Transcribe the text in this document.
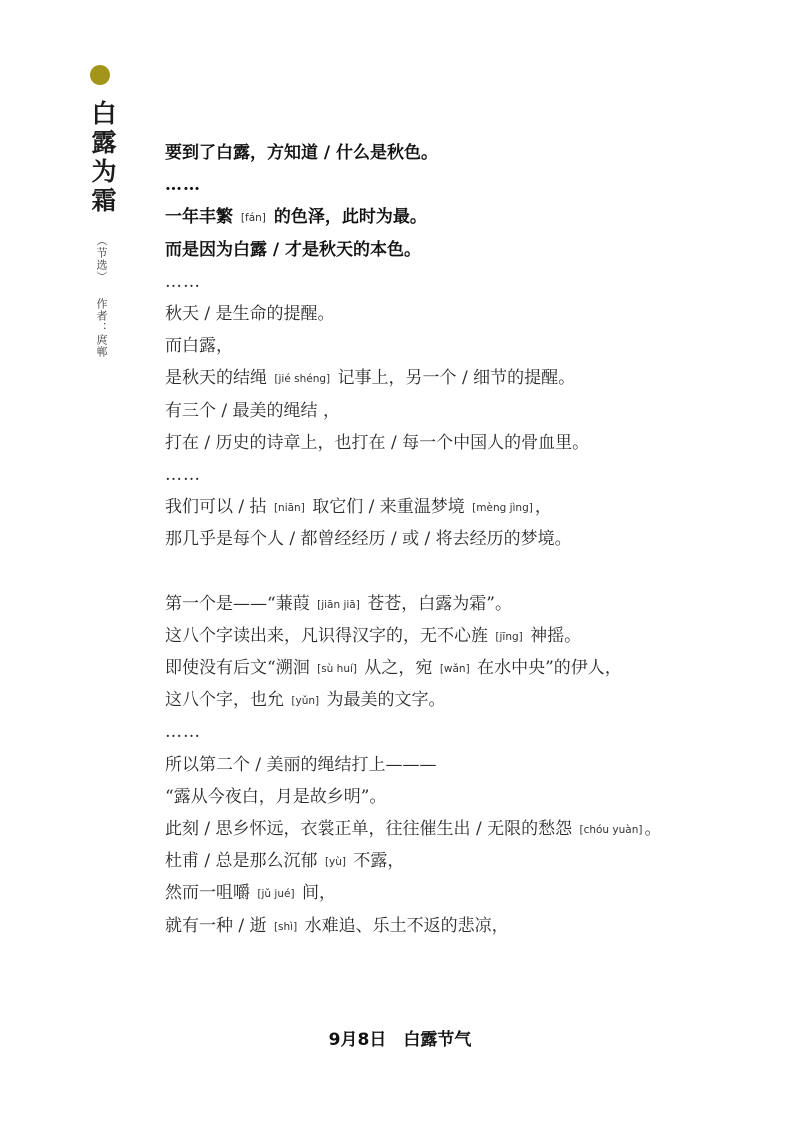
白露为霜
（节选）
作者：庹郸
要到了白露，方知道 / 什么是秋色。
……
一年丰繁 [fán] 的色泽，此时为最。
而是因为白露 / 才是秋天的本色。
……
秋天 / 是生命的提醒。
而白露，
是秋天的结绳 [jié shéng] 记事上，另一个 / 细节的提醒。
有三个 / 最美的绳结 ，
打在 / 历史的诗章上，也打在 / 每一个中国人的骨血里。
……
我们可以 / 拈 [niān] 取它们 / 来重温梦境 [mèng jìng] ，
那几乎是每个人 / 都曾经经历 / 或 / 将去经历的梦境。
第一个是——“蒹葭 [jiān jiā] 苍苍，白露为霜”。
这八个字读出来，凡识得汉字的，无不心旌 [jīng] 神摇。
即使没有后文“溯洄 [sù huí] 从之，宛 [wǎn] 在水中央”的伊人，
这八个字，也允 [yǔn] 为最美的文字。
……
所以第二个 / 美丽的绳结打上———
“露从今夜白，月是故乡明”。
此刻 / 思乡怀远，衣裳正单，往往催生出 / 无限的愁怨 [chóu yuàn] 。
杜甫 / 总是那么沉郁 [yù] 不露，
然而一咀嚼 [jǔ jué] 间，
就有一种 / 逝 [shì] 水难追、乐土不返的悲凉，
9月8日　白露节气
